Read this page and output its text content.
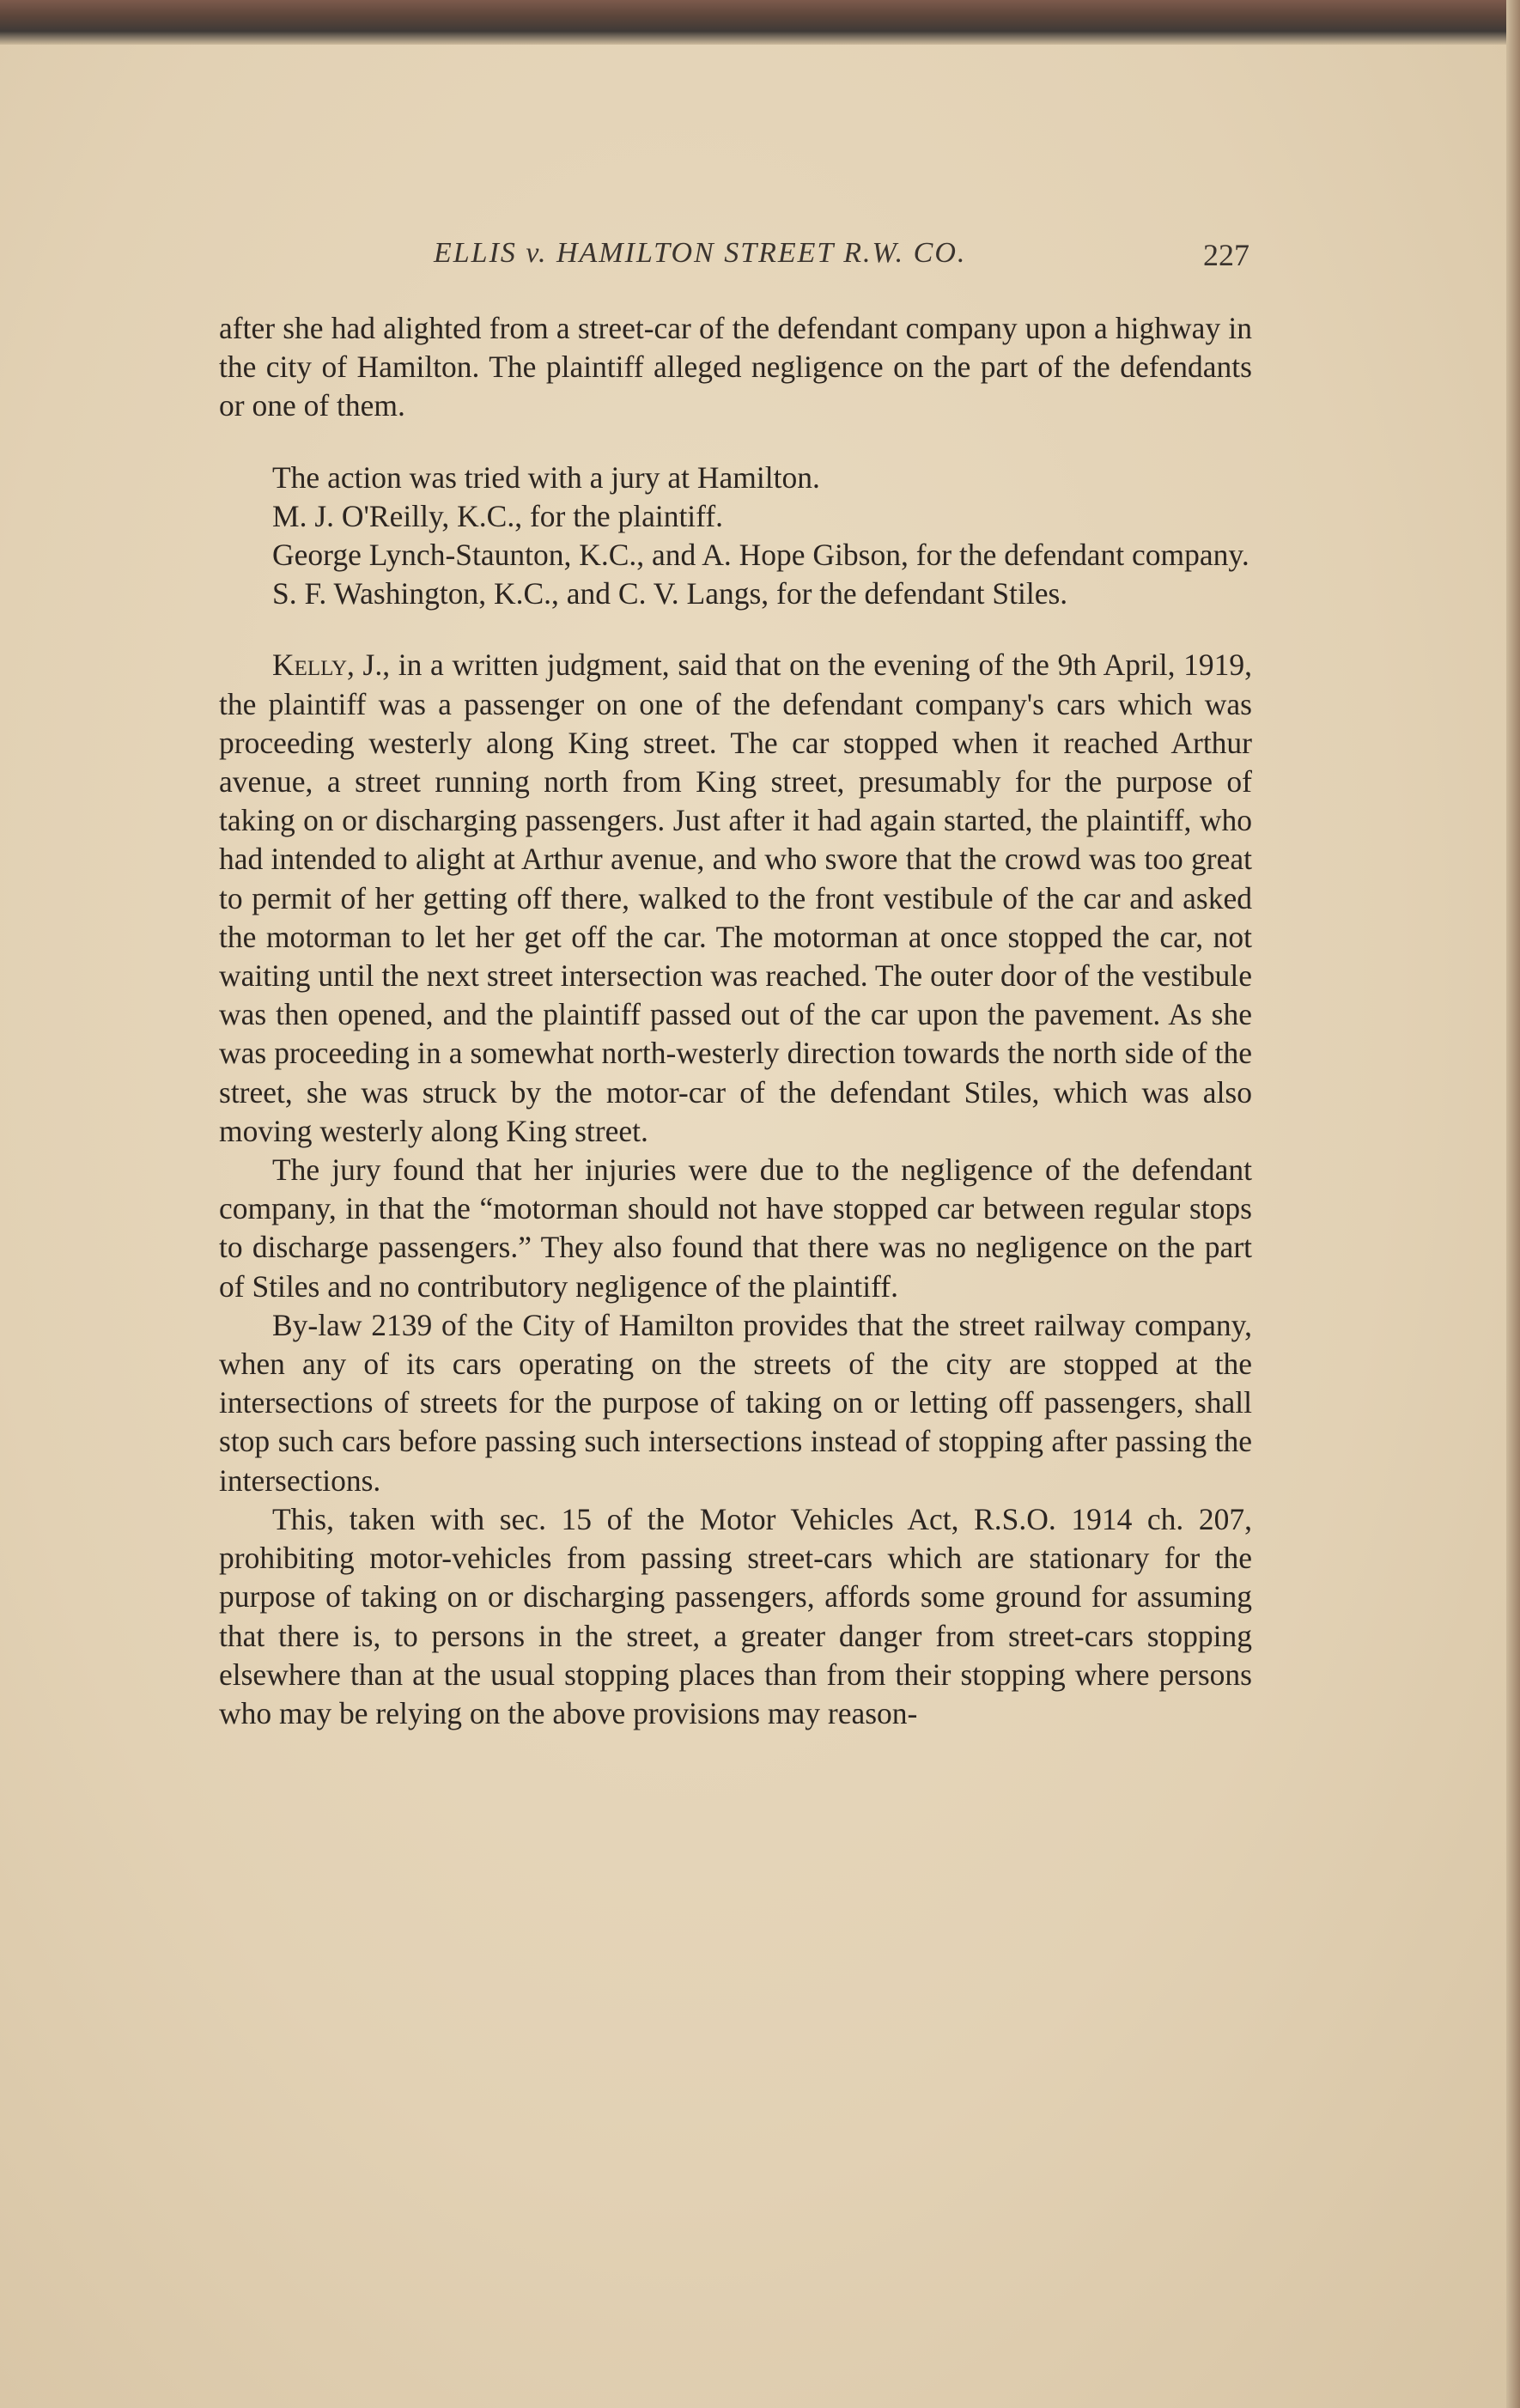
ELLIS v. HAMILTON STREET R.W. CO.	227

after she had alighted from a street-car of the defendant company upon a highway in the city of Hamilton. The plaintiff alleged negligence on the part of the defendants or one of them.

The action was tried with a jury at Hamilton.

M. J. O'Reilly, K.C., for the plaintiff.

George Lynch-Staunton, K.C., and A. Hope Gibson, for the defendant company.

S. F. Washington, K.C., and C. V. Langs, for the defendant Stiles.

Kelly, J., in a written judgment, said that on the evening of the 9th April, 1919, the plaintiff was a passenger on one of the defendant company's cars which was proceeding westerly along King street. The car stopped when it reached Arthur avenue, a street running north from King street, presumably for the purpose of taking on or discharging passengers. Just after it had again started, the plaintiff, who had intended to alight at Arthur avenue, and who swore that the crowd was too great to permit of her getting off there, walked to the front vestibule of the car and asked the motorman to let her get off the car. The motorman at once stopped the car, not waiting until the next street intersection was reached. The outer door of the vestibule was then opened, and the plaintiff passed out of the car upon the pavement. As she was proceeding in a somewhat north-westerly direction towards the north side of the street, she was struck by the motor-car of the defendant Stiles, which was also moving westerly along King street.

The jury found that her injuries were due to the negligence of the defendant company, in that the “motorman should not have stopped car between regular stops to discharge passengers.” They also found that there was no negligence on the part of Stiles and no contributory negligence of the plaintiff.

By-law 2139 of the City of Hamilton provides that the street railway company, when any of its cars operating on the streets of the city are stopped at the intersections of streets for the purpose of taking on or letting off passengers, shall stop such cars before passing such intersections instead of stopping after passing the intersections.

This, taken with sec. 15 of the Motor Vehicles Act, R.S.O. 1914 ch. 207, prohibiting motor-vehicles from passing street-cars which are stationary for the purpose of taking on or discharging passengers, affords some ground for assuming that there is, to persons in the street, a greater danger from street-cars stopping elsewhere than at the usual stopping places than from their stopping where persons who may be relying on the above provisions may reason-
